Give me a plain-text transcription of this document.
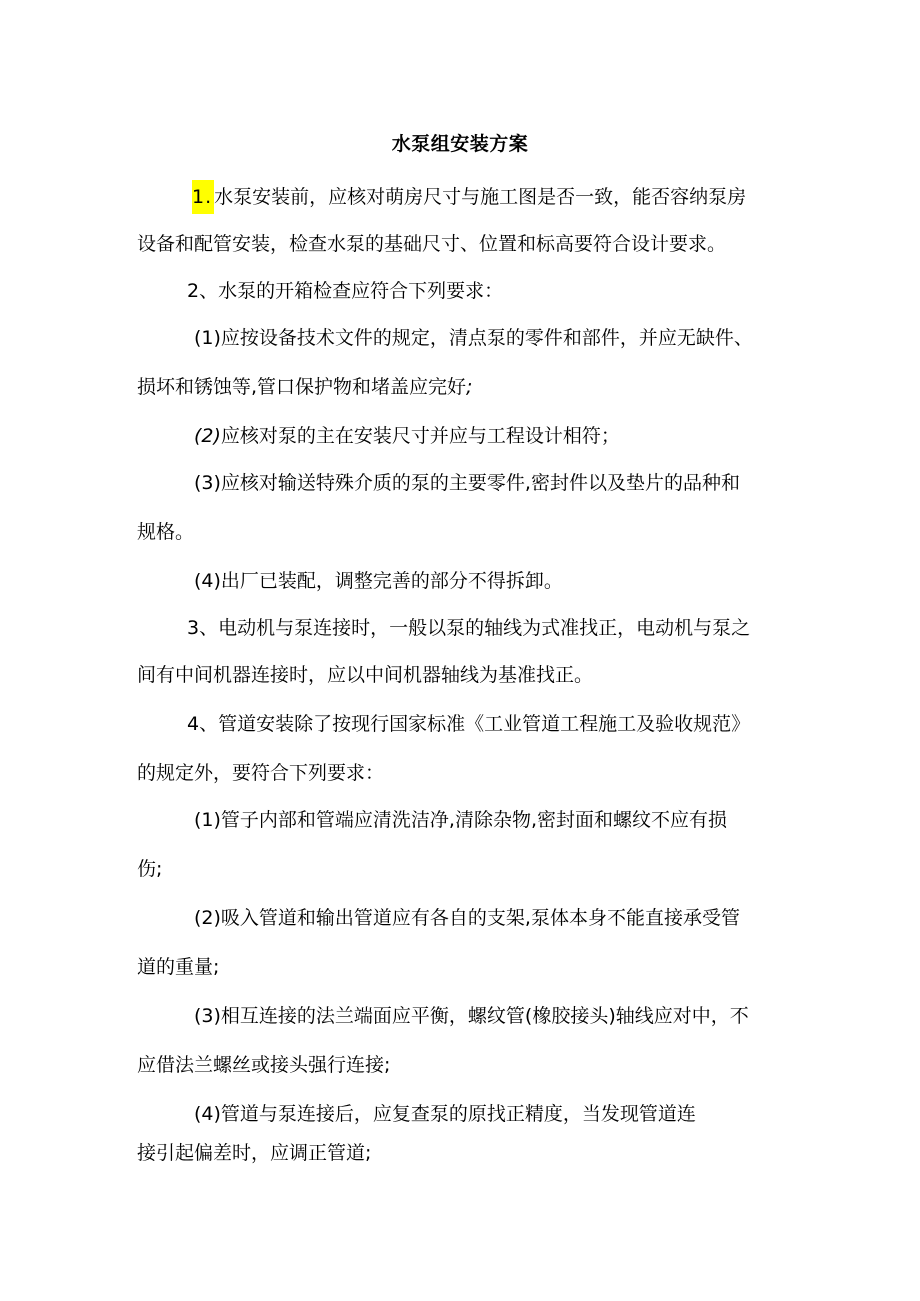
水泵组安装方案
1. 水泵安装前，应核对萌房尺寸与施工图是否一致，能否容纳泵房
设备和配管安装，检查水泵的基础尺寸、位置和标高要符合设计要求。
2、水泵的开箱检查应符合下列要求：
(1)应按设备技术文件的规定，清点泵的零件和部件，并应无缺件、
损坏和锈蚀等,管口保护物和堵盖应完好;
(2)应核对泵的主在安装尺寸并应与工程设计相符；
(3)应核对输送特殊介质的泵的主要零件,密封件以及垫片的品种和
规格。
(4)出厂已装配，调整完善的部分不得拆卸。
3、电动机与泵连接时，一般以泵的轴线为式准找正，电动机与泵之
间有中间机器连接时，应以中间机器轴线为基准找正。
4、管道安装除了按现行国家标准《工业管道工程施工及验收规范》
的规定外，要符合下列要求：
(1)管子内部和管端应清洗洁净,清除杂物,密封面和螺纹不应有损
伤;
(2)吸入管道和输出管道应有各自的支架,泵体本身不能直接承受管
道的重量;
(3)相互连接的法兰端面应平衡，螺纹管(橡胶接头)轴线应对中，不
应借法兰螺丝或接头强行连接;
(4)管道与泵连接后，应复查泵的原找正精度，当发现管道连
接引起偏差时，应调正管道;
